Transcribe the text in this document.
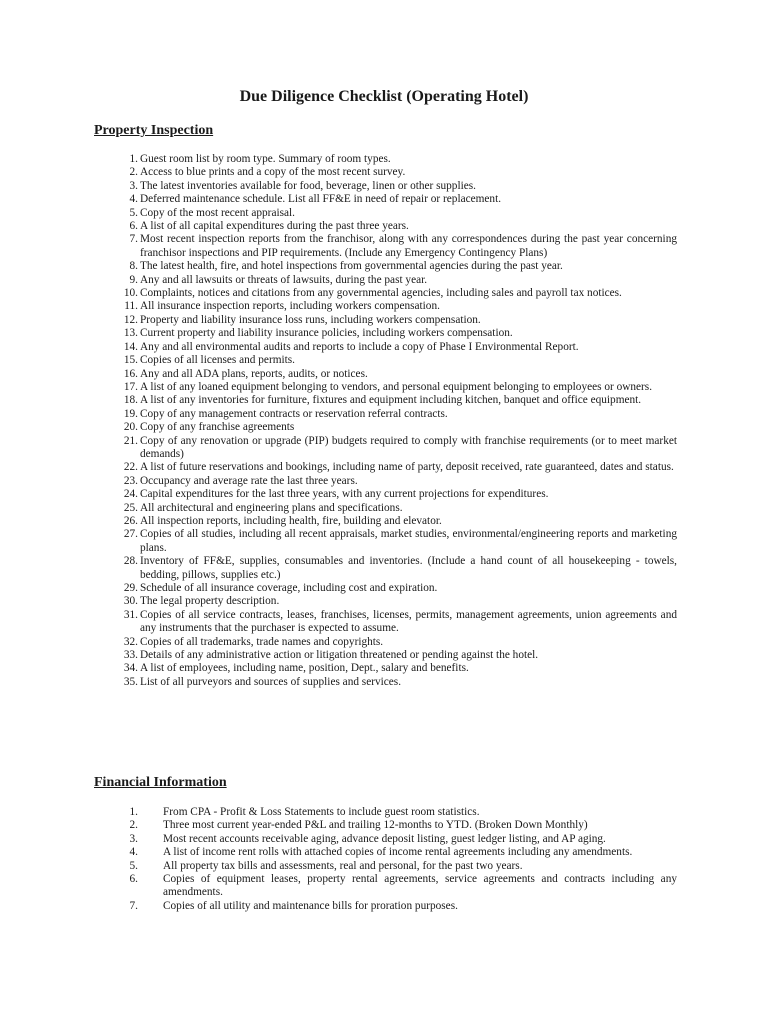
Due Diligence Checklist (Operating Hotel)
Property Inspection
1. Guest room list by room type. Summary of room types.
2. Access to blue prints and a copy of the most recent survey.
3. The latest inventories available for food, beverage, linen or other supplies.
4. Deferred maintenance schedule. List all FF&E in need of repair or replacement.
5. Copy of the most recent appraisal.
6. A list of all capital expenditures during the past three years.
7. Most recent inspection reports from the franchisor, along with any correspondences during the past year concerning franchisor inspections and PIP requirements. (Include any Emergency Contingency Plans)
8. The latest health, fire, and hotel inspections from governmental agencies during the past year.
9. Any and all lawsuits or threats of lawsuits, during the past year.
10. Complaints, notices and citations from any governmental agencies, including sales and payroll tax notices.
11. All insurance inspection reports, including workers compensation.
12. Property and liability insurance loss runs, including workers compensation.
13. Current property and liability insurance policies, including workers compensation.
14. Any and all environmental audits and reports to include a copy of Phase I Environmental Report.
15. Copies of all licenses and permits.
16. Any and all ADA plans, reports, audits, or notices.
17. A list of any loaned equipment belonging to vendors, and personal equipment belonging to employees or owners.
18. A list of any inventories for furniture, fixtures and equipment including kitchen, banquet and office equipment.
19. Copy of any management contracts or reservation referral contracts.
20. Copy of any franchise agreements
21. Copy of any renovation or upgrade (PIP) budgets required to comply with franchise requirements (or to meet market demands)
22. A list of future reservations and bookings, including name of party, deposit received, rate guaranteed, dates and status.
23. Occupancy and average rate the last three years.
24. Capital expenditures for the last three years, with any current projections for expenditures.
25. All architectural and engineering plans and specifications.
26. All inspection reports, including health, fire, building and elevator.
27. Copies of all studies, including all recent appraisals, market studies, environmental/engineering reports and marketing plans.
28. Inventory of FF&E, supplies, consumables and inventories. (Include a hand count of all housekeeping - towels, bedding, pillows, supplies etc.)
29. Schedule of all insurance coverage, including cost and expiration.
30. The legal property description.
31. Copies of all service contracts, leases, franchises, licenses, permits, management agreements, union agreements and any instruments that the purchaser is expected to assume.
32. Copies of all trademarks, trade names and copyrights.
33. Details of any administrative action or litigation threatened or pending against the hotel.
34. A list of employees, including name, position, Dept., salary and benefits.
35. List of all purveyors and sources of supplies and services.
Financial Information
1. From CPA - Profit & Loss Statements to include guest room statistics.
2. Three most current year-ended P&L and trailing 12-months to YTD. (Broken Down Monthly)
3. Most recent accounts receivable aging, advance deposit listing, guest ledger listing, and AP aging.
4. A list of income rent rolls with attached copies of income rental agreements including any amendments.
5. All property tax bills and assessments, real and personal, for the past two years.
6. Copies of equipment leases, property rental agreements, service agreements and contracts including any amendments.
7. Copies of all utility and maintenance bills for proration purposes.
